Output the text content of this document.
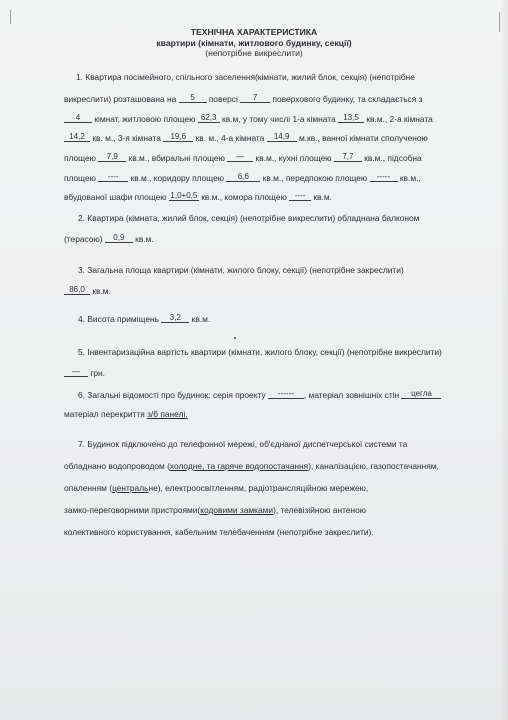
ТЕХНІЧНА ХАРАКТЕРИСТИКА
квартири (кімнати, житлового будинку, секції)
(непотрібне викреслити)
1. Квартира посімейного, спільного заселення(кімнати, жилий блок, секція) (непотрібне
викреслити) розташована на 5 поверсі 7 поверхового будинку, та складається з
4 кімнат, житловою площею 62,3 кв.м, у тому числі 1-а кімната 13,5 кв.м., 2-а кімната
14,2 кв. м., 3-я кімната 19,6 кв. м., 4-а кімната 14,9 м.кв., ванної кімнати сполученою
площею 7,9 кв.м., вбиральні площею — кв.м., кухні площею 7,7 кв.м., підсобна
площею ---- кв.м., коридору площею 6,6 кв.м., передпокою площею ----- кв.м.,
вбудованої шафи площею 1,0+0,5 кв.м., комора площею ---- кв.м.
2. Квартира (кімната, жилий блок, секція) (непотрібне викреслити) обладнана балконом
(терасою) 0,9 кв.м.
3. Загальна площа квартири (кімнати, жилого блоку, секції) (непотрібне закреслити)
86,0 кв.м.
4. Висота приміщень 3,2 кв.м.
5. Інвентаризаційна вартість квартири (кімнати, жилого блоку, секції) (непотрібне викреслити)
— грн.
6. Загальні відомості про будинок: серія проекту ------ , матеріал зовнішніх стін цегла
матеріал перекриття з/б панелі.
7. Будинок підключено до телефонної мережі, об'єднаної диспетчерської системи та
обладнано водопроводом (холодне, та гаряче водопостачання), каналізацією, газопостачанням,
опаленням (центральне), електроосвітленням, радіотрансляційною мережею,
замко-переговорними пристроями(кодовими замками), телевізійною антеною
колективного користування, кабельним телебаченням (непотрібне закреслити).
